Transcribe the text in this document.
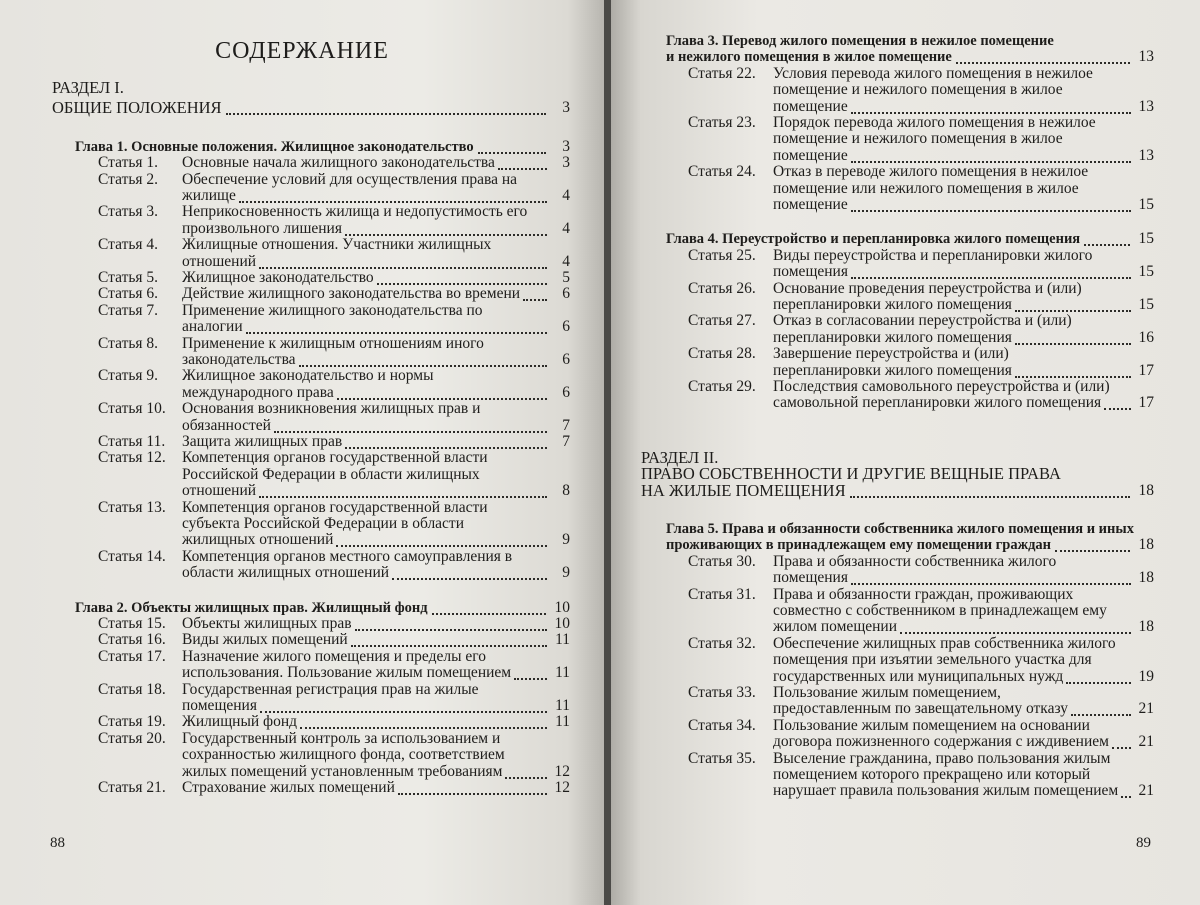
СОДЕРЖАНИЕ
РАЗДЕЛ I.
ОБЩИЕ ПОЛОЖЕНИЯ	3
Глава 1. Основные положения. Жилищное законодательство	3
Статья 1. Основные начала жилищного законодательства	3
Статья 2. Обеспечение условий для осуществления права на
жилище	4
Статья 3. Неприкосновенность жилища и недопустимость его
произвольного лишения	4
Статья 4. Жилищные отношения. Участники жилищных
отношений	4
Статья 5. Жилищное законодательство	5
Статья 6. Действие жилищного законодательства во времени	6
Статья 7. Применение жилищного законодательства по
аналогии	6
Статья 8. Применение к жилищным отношениям иного
законодательства	6
Статья 9. Жилищное законодательство и нормы
международного права	6
Статья 10. Основания возникновения жилищных прав и
обязанностей	7
Статья 11. Защита жилищных прав	7
Статья 12. Компетенция органов государственной власти
Российской Федерации в области жилищных
отношений	8
Статья 13. Компетенция органов государственной власти
субъекта Российской Федерации в области
жилищных отношений	9
Статья 14. Компетенция органов местного самоуправления в
области жилищных отношений	9
Глава 2. Объекты жилищных прав. Жилищный фонд	10
Статья 15. Объекты жилищных прав	10
Статья 16. Виды жилых помещений	11
Статья 17. Назначение жилого помещения и пределы его
использования. Пользование жилым помещением	11
Статья 18. Государственная регистрация прав на жилые
помещения	11
Статья 19. Жилищный фонд	11
Статья 20. Государственный контроль за использованием и
сохранностью жилищного фонда, соответствием
жилых помещений установленным требованиям	12
Статья 21. Страхование жилых помещений	12
88
Глава 3. Перевод жилого помещения в нежилое помещение
и нежилого помещения в жилое помещение	13
Статья 22. Условия перевода жилого помещения в нежилое
помещение и нежилого помещения в жилое
помещение	13
Статья 23. Порядок перевода жилого помещения в нежилое
помещение и нежилого помещения в жилое
помещение	13
Статья 24. Отказ в переводе жилого помещения в нежилое
помещение или нежилого помещения в жилое
помещение	15
Глава 4. Переустройство и перепланировка жилого помещения	15
Статья 25. Виды переустройства и перепланировки жилого
помещения	15
Статья 26. Основание проведения переустройства и (или)
перепланировки жилого помещения	15
Статья 27. Отказ в согласовании переустройства и (или)
перепланировки жилого помещения	16
Статья 28. Завершение переустройства и (или)
перепланировки жилого помещения	17
Статья 29. Последствия самовольного переустройства и (или)
самовольной перепланировки жилого помещения 17
РАЗДЕЛ II.
ПРАВО СОБСТВЕННОСТИ И ДРУГИЕ ВЕЩНЫЕ ПРАВА
НА ЖИЛЫЕ ПОМЕЩЕНИЯ	18
Глава 5. Права и обязанности собственника жилого помещения и иных
проживающих в принадлежащем ему помещении граждан	18
Статья 30. Права и обязанности собственника жилого
помещения	18
Статья 31. Права и обязанности граждан, проживающих
совместно с собственником в принадлежащем ему
жилом помещении	18
Статья 32. Обеспечение жилищных прав собственника жилого
помещения при изъятии земельного участка для
государственных или муниципальных нужд	19
Статья 33. Пользование жилым помещением,
предоставленным по завещательному отказу	21
Статья 34. Пользование жилым помещением на основании
договора пожизненного содержания с иждивением 21
Статья 35. Выселение гражданина, право пользования жилым
помещением которого прекращено или который
нарушает правила пользования жилым помещением 21
89
